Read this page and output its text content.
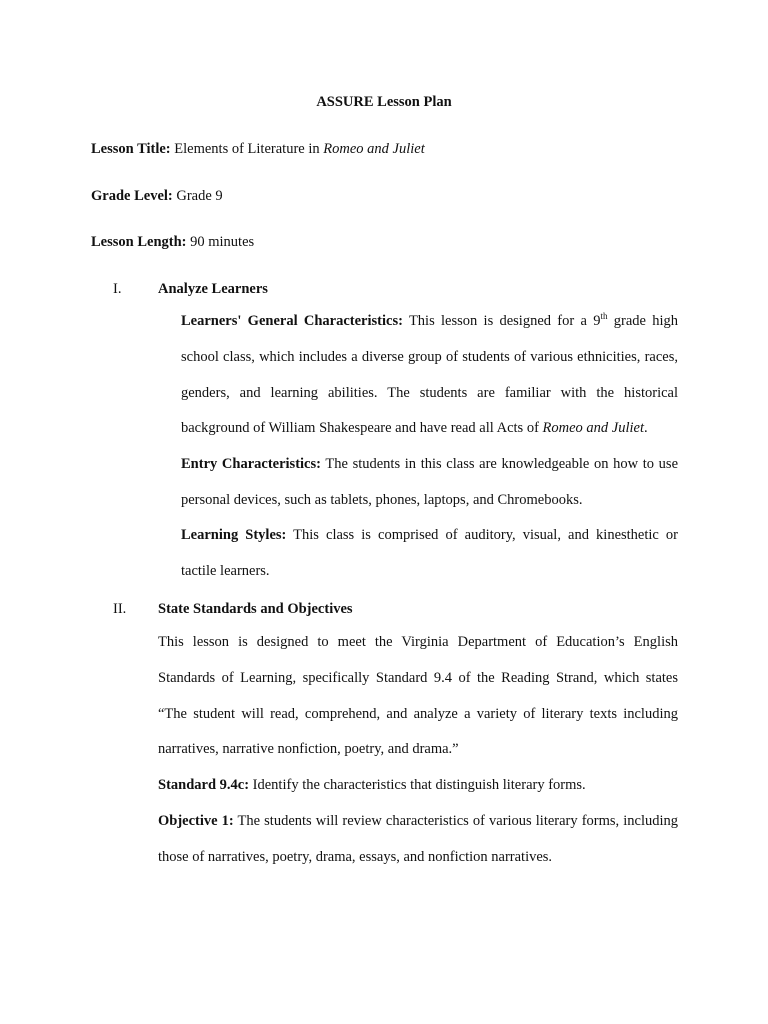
ASSURE Lesson Plan
Lesson Title: Elements of Literature in Romeo and Juliet
Grade Level: Grade 9
Lesson Length: 90 minutes
I.	Analyze Learners

Learners' General Characteristics: This lesson is designed for a 9th grade high school class, which includes a diverse group of students of various ethnicities, races, genders, and learning abilities. The students are familiar with the historical background of William Shakespeare and have read all Acts of Romeo and Juliet.

Entry Characteristics: The students in this class are knowledgeable on how to use personal devices, such as tablets, phones, laptops, and Chromebooks.

Learning Styles: This class is comprised of auditory, visual, and kinesthetic or tactile learners.

II. State Standards and Objectives

This lesson is designed to meet the Virginia Department of Education’s English Standards of Learning, specifically Standard 9.4 of the Reading Strand, which states “The student will read, comprehend, and analyze a variety of literary texts including narratives, narrative nonfiction, poetry, and drama.”

Standard 9.4c: Identify the characteristics that distinguish literary forms.

Objective 1: The students will review characteristics of various literary forms, including those of narratives, poetry, drama, essays, and nonfiction narratives.
